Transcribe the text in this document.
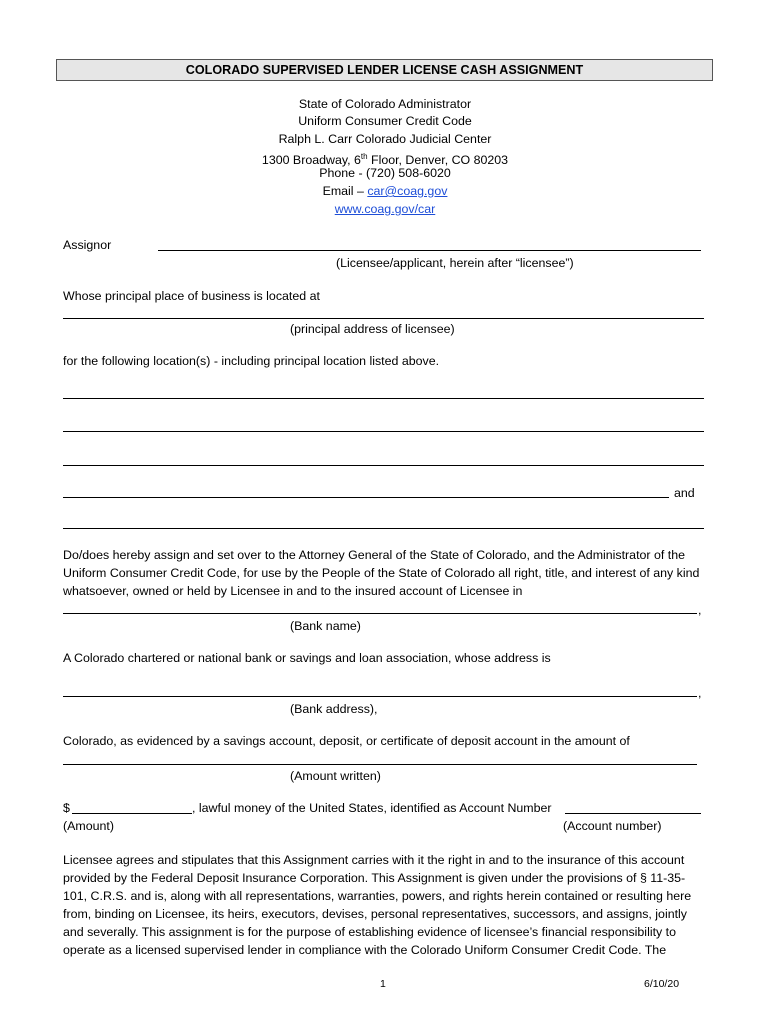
COLORADO SUPERVISED LENDER LICENSE CASH ASSIGNMENT
State of Colorado Administrator
Uniform Consumer Credit Code
Ralph L. Carr Colorado Judicial Center
1300 Broadway, 6th Floor, Denver, CO 80203
Phone - (720) 508-6020
Email – car@coag.gov
www.coag.gov/car
Assignor
(Licensee/applicant, herein after “licensee”)
Whose principal place of business is located at
(principal address of licensee)
for the following location(s) - including principal location listed above.
and
Do/does hereby assign and set over to the Attorney General of the State of Colorado, and the Administrator of the Uniform Consumer Credit Code, for use by the People of the State of Colorado all right, title, and interest of any kind whatsoever, owned or held by Licensee in and to the insured account of Licensee in
,
(Bank name)
A Colorado chartered or national bank or savings and loan association, whose address is
,
(Bank address),
Colorado, as evidenced by a savings account, deposit, or certificate of deposit account in the amount of
(Amount written)
$	, lawful money of the United States, identified as Account Number
(Amount)	(Account number)
Licensee agrees and stipulates that this Assignment carries with it the right in and to the insurance of this account provided by the Federal Deposit Insurance Corporation. This Assignment is given under the provisions of § 11-35-101, C.R.S. and is, along with all representations, warranties, powers, and rights herein contained or resulting here from, binding on Licensee, its heirs, executors, devises, personal representatives, successors, and assigns, jointly and severally. This assignment is for the purpose of establishing evidence of licensee’s financial responsibility to operate as a licensed supervised lender in compliance with the Colorado Uniform Consumer Credit Code. The
1	6/10/20
